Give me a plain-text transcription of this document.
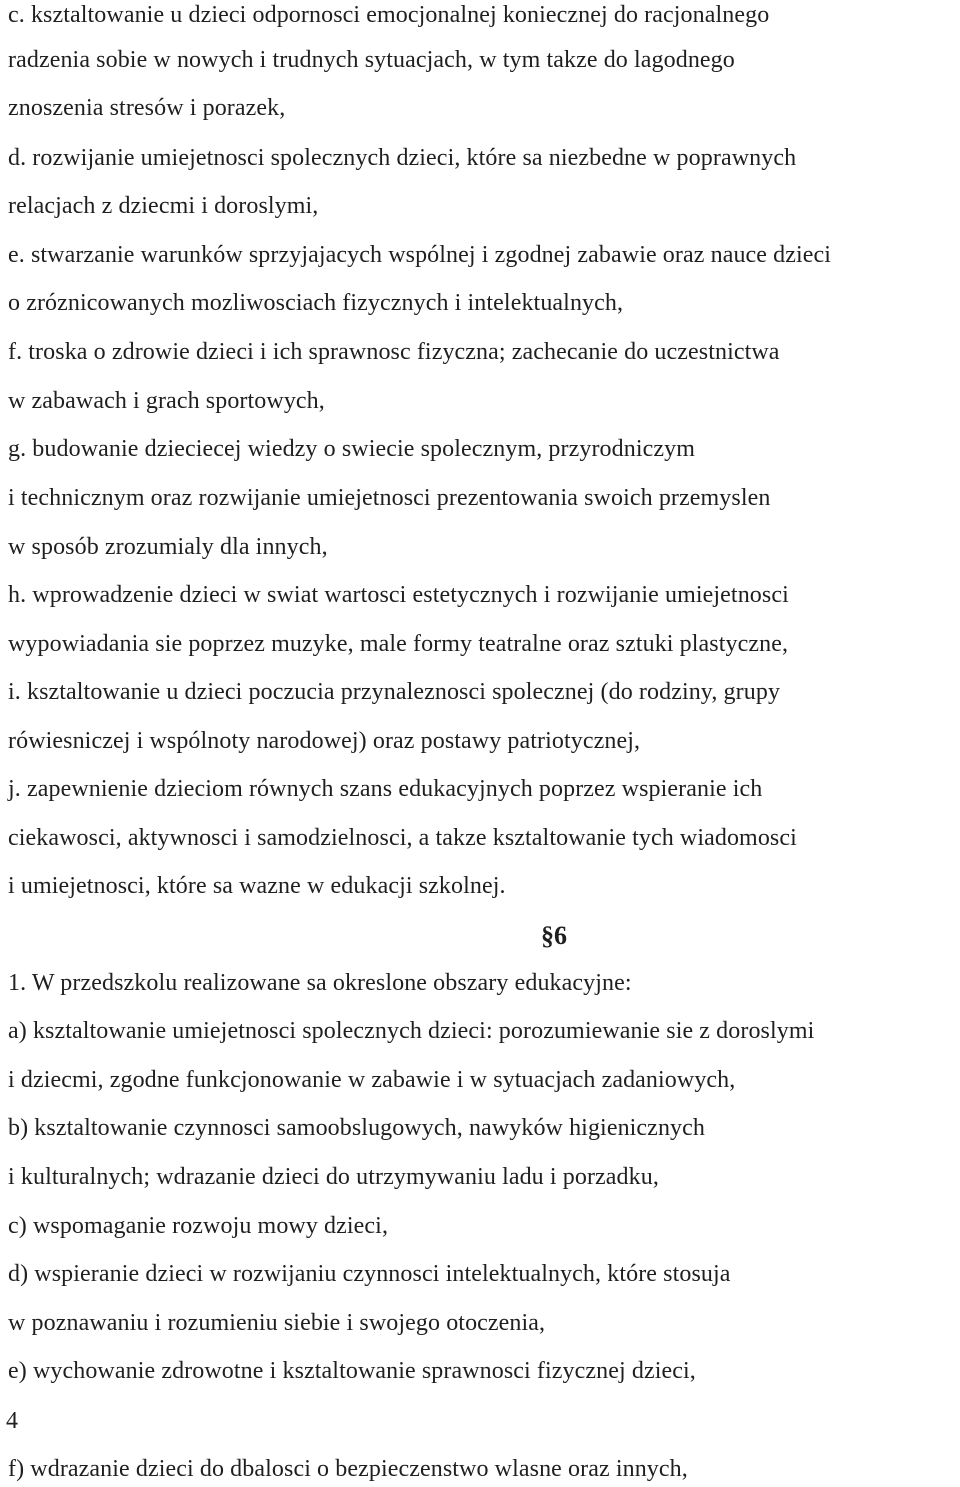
c. ksztaltowanie u dzieci odpornosci emocjonalnej koniecznej do racjonalnego
radzenia sobie w nowych i trudnych sytuacjach, w tym takze do lagodnego
znoszenia stresów i porazek,
d. rozwijanie umiejetnosci spolecznych dzieci, które sa niezbedne w poprawnych
relacjach z dziecmi i doroslymi,
e. stwarzanie warunków sprzyjajacych wspólnej i zgodnej zabawie oraz nauce dzieci
o zróznicowanych mozliwosciach fizycznych i intelektualnych,
f. troska o zdrowie dzieci i ich sprawnosc fizyczna; zachecanie do uczestnictwa
w zabawach i grach sportowych,
g. budowanie dzieciecej wiedzy o swiecie spolecznym, przyrodniczym
i technicznym oraz rozwijanie umiejetnosci prezentowania swoich przemyslen
w sposób zrozumialy dla innych,
h. wprowadzenie dzieci w swiat wartosci estetycznych i rozwijanie umiejetnosci
wypowiadania sie poprzez muzyke, male formy teatralne oraz sztuki plastyczne,
i. ksztaltowanie u dzieci poczucia przynaleznosci spolecznej (do rodziny, grupy
rówiesniczej i wspólnoty narodowej) oraz postawy patriotycznej,
j. zapewnienie dzieciom równych szans edukacyjnych poprzez wspieranie ich
ciekawosci, aktywnosci i samodzielnosci, a takze ksztaltowanie tych wiadomosci
i umiejetnosci, które sa wazne w edukacji szkolnej.
§6
1. W przedszkolu realizowane sa okreslone obszary edukacyjne:
a) ksztaltowanie umiejetnosci spolecznych dzieci: porozumiewanie sie z doroslymi
i dziecmi, zgodne funkcjonowanie w zabawie i w sytuacjach zadaniowych,
b) ksztaltowanie czynnosci samoobslugowych, nawyków higienicznych
i kulturalnych; wdrazanie dzieci do utrzymywaniu ladu i porzadku,
c) wspomaganie rozwoju mowy dzieci,
d) wspieranie dzieci w rozwijaniu czynnosci intelektualnych, które stosuja
w poznawaniu i rozumieniu siebie i swojego otoczenia,
e) wychowanie zdrowotne i ksztaltowanie sprawnosci fizycznej dzieci,
4
f) wdrazanie dzieci do dbalosci o bezpieczenstwo wlasne oraz innych,
